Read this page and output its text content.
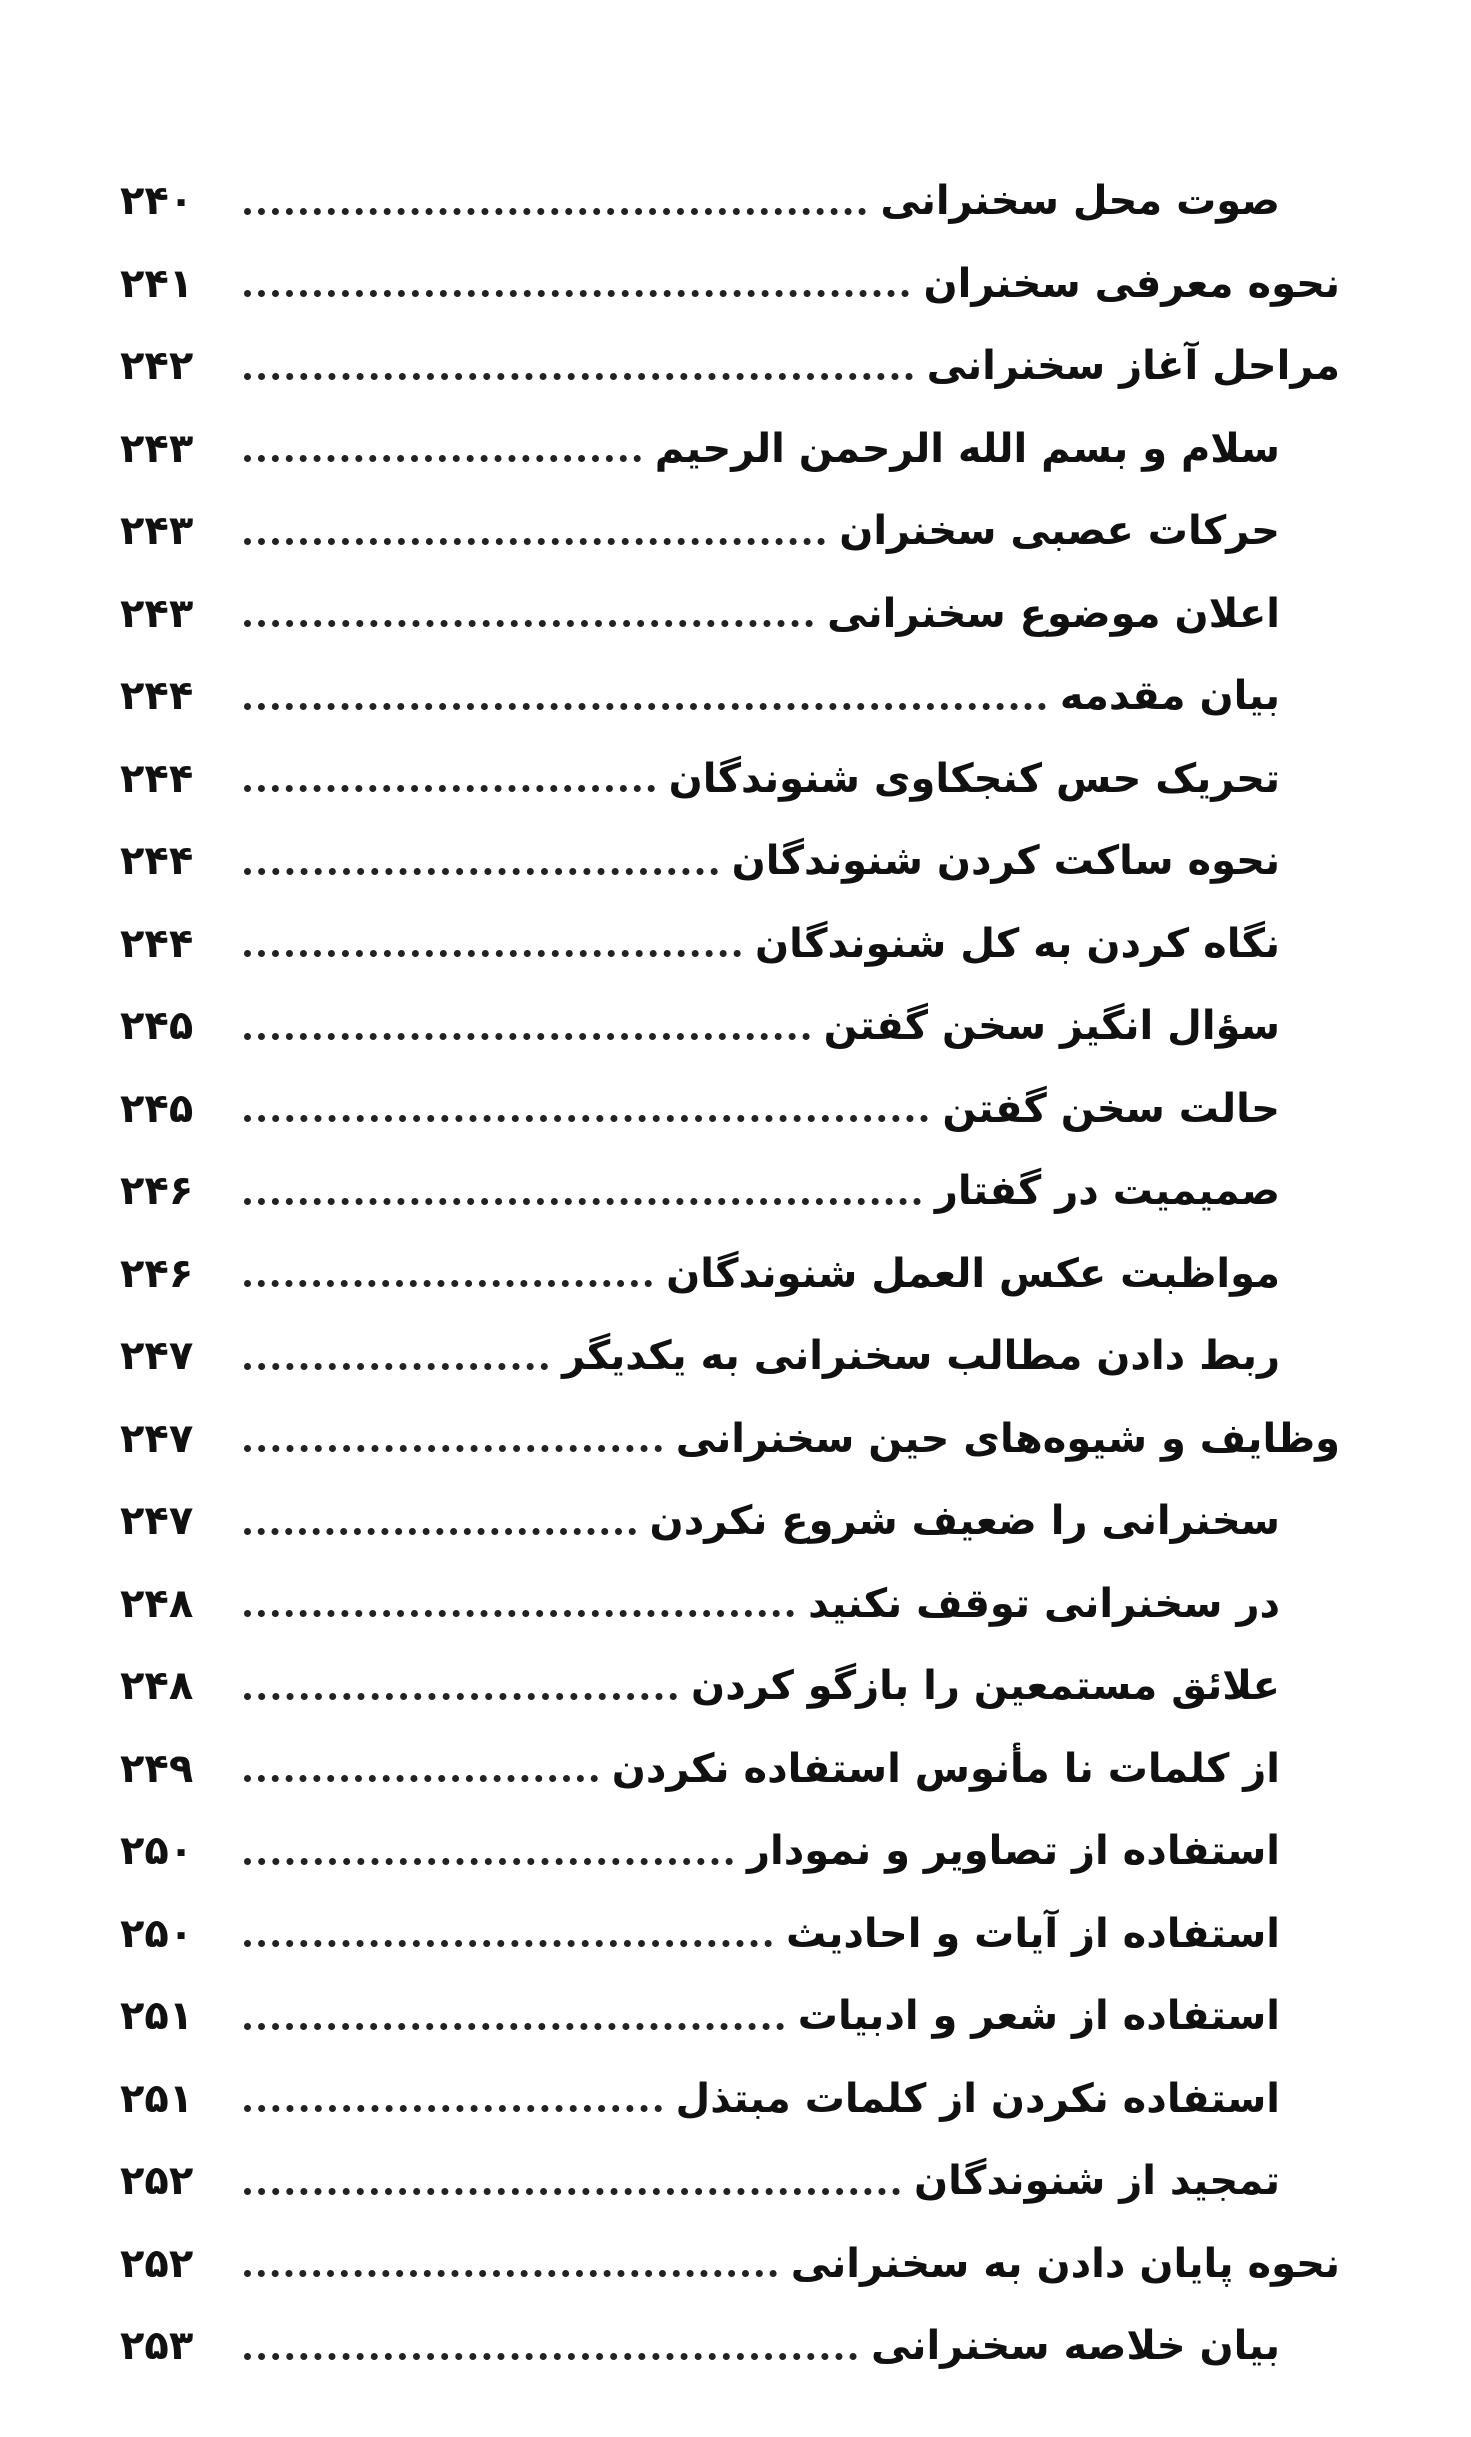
صوت محل سخنرانی
۲۴۰
نحوه معرفی سخنران
۲۴۱
مراحل آغاز سخنرانی
۲۴۲
سلام و بسم الله الرحمن الرحیم
۲۴۳
حرکات عصبی سخنران
۲۴۳
اعلان موضوع سخنرانی
۲۴۳
بیان مقدمه
۲۴۴
تحریک حس کنجکاوی شنوندگان
۲۴۴
نحوه ساکت کردن شنوندگان
۲۴۴
نگاه کردن به کل شنوندگان
۲۴۴
سؤال انگیز سخن گفتن
۲۴۵
حالت سخن گفتن
۲۴۵
صمیمیت در گفتار
۲۴۶
مواظبت عکس العمل شنوندگان
۲۴۶
ربط دادن مطالب سخنرانی به یکدیگر
۲۴۷
وظایف و شیوه‌های حین سخنرانی
۲۴۷
سخنرانی را ضعیف شروع نکردن
۲۴۷
در سخنرانی توقف نکنید
۲۴۸
علائق مستمعین را بازگو کردن
۲۴۸
از کلمات نا مأنوس استفاده نکردن
۲۴۹
استفاده از تصاویر و نمودار
۲۵۰
استفاده از آیات و احادیث
۲۵۰
استفاده از شعر و ادبیات
۲۵۱
استفاده نکردن از کلمات مبتذل
۲۵۱
تمجید از شنوندگان
۲۵۲
نحوه پایان دادن به سخنرانی
۲۵۲
بیان خلاصه سخنرانی
۲۵۳
